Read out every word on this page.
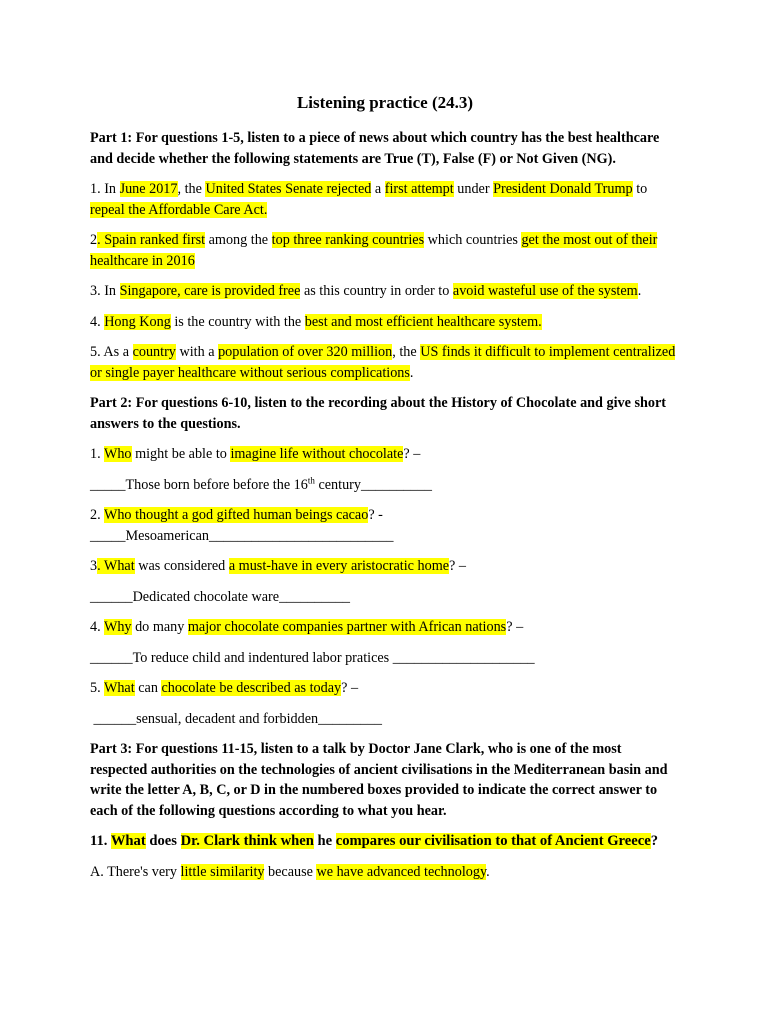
Listening practice (24.3)
Part 1: For questions 1-5, listen to a piece of news about which country has the best healthcare and decide whether the following statements are True (T), False (F) or Not Given (NG).
1. In June 2017, the United States Senate rejected a first attempt under President Donald Trump to repeal the Affordable Care Act.
2. Spain ranked first among the top three ranking countries which countries get the most out of their healthcare in 2016
3. In Singapore, care is provided free as this country in order to avoid wasteful use of the system.
4. Hong Kong is the country with the best and most efficient healthcare system.
5. As a country with a population of over 320 million, the US finds it difficult to implement centralized or single payer healthcare without serious complications.
Part 2: For questions 6-10, listen to the recording about the History of Chocolate and give short answers to the questions.
1. Who might be able to imagine life without chocolate? –
_____Those born before before the 16th century__________
2. Who thought a god gifted human beings cacao? -
_____Mesoamerican__________________________
3. What was considered a must-have in every aristocratic home? –
______Dedicated chocolate ware__________
4. Why do many major chocolate companies partner with African nations? –
______To reduce child and indentured labor pratices ____________________
5. What can chocolate be described as today? –
______sensual, decadent and forbidden_________
Part 3: For questions 11-15, listen to a talk by Doctor Jane Clark, who is one of the most respected authorities on the technologies of ancient civilisations in the Mediterranean basin and write the letter A, B, C, or D in the numbered boxes provided to indicate the correct answer to each of the following questions according to what you hear.
11. What does Dr. Clark think when he compares our civilisation to that of Ancient Greece?
A. There's very little similarity because we have advanced technology.
